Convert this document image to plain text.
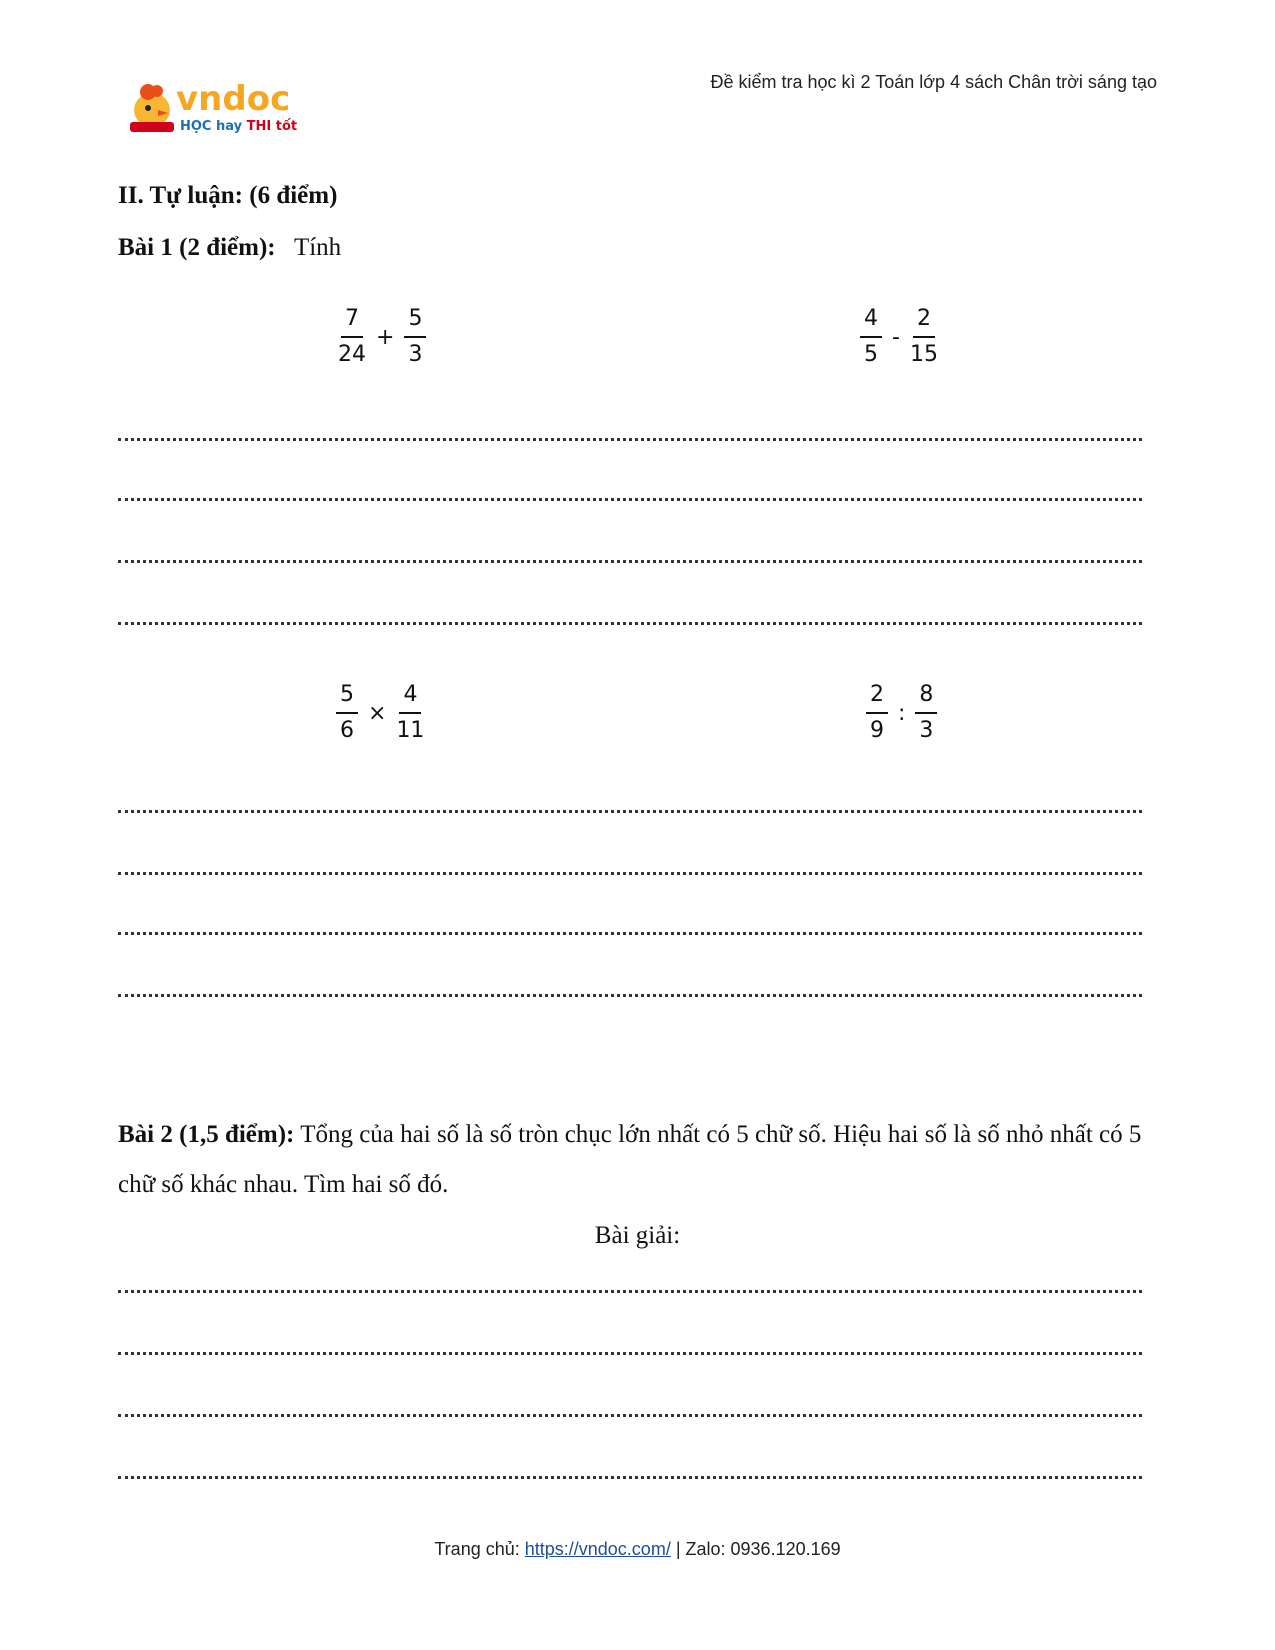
vndoc
HỌC hay THI tốt
Đề kiểm tra học kì 2 Toán lớp 4 sách Chân trời sáng tạo
II. Tự luận: (6 điểm)
Bài 1 (2 điểm): Tính
$\frac{7}{24} + \frac{5}{3}$	$\frac{4}{5} - \frac{2}{15}$
$\frac{5}{6} \times \frac{4}{11}$	$\frac{2}{9}$ : $\frac{8}{3}$
Bài 2 (1,5 điểm): Tổng của hai số là số tròn chục lớn nhất có 5 chữ số. Hiệu hai số là số nhỏ nhất có 5 chữ số khác nhau. Tìm hai số đó.
Bài giải:
Trang chủ: https://vndoc.com/ | Zalo: 0936.120.169
